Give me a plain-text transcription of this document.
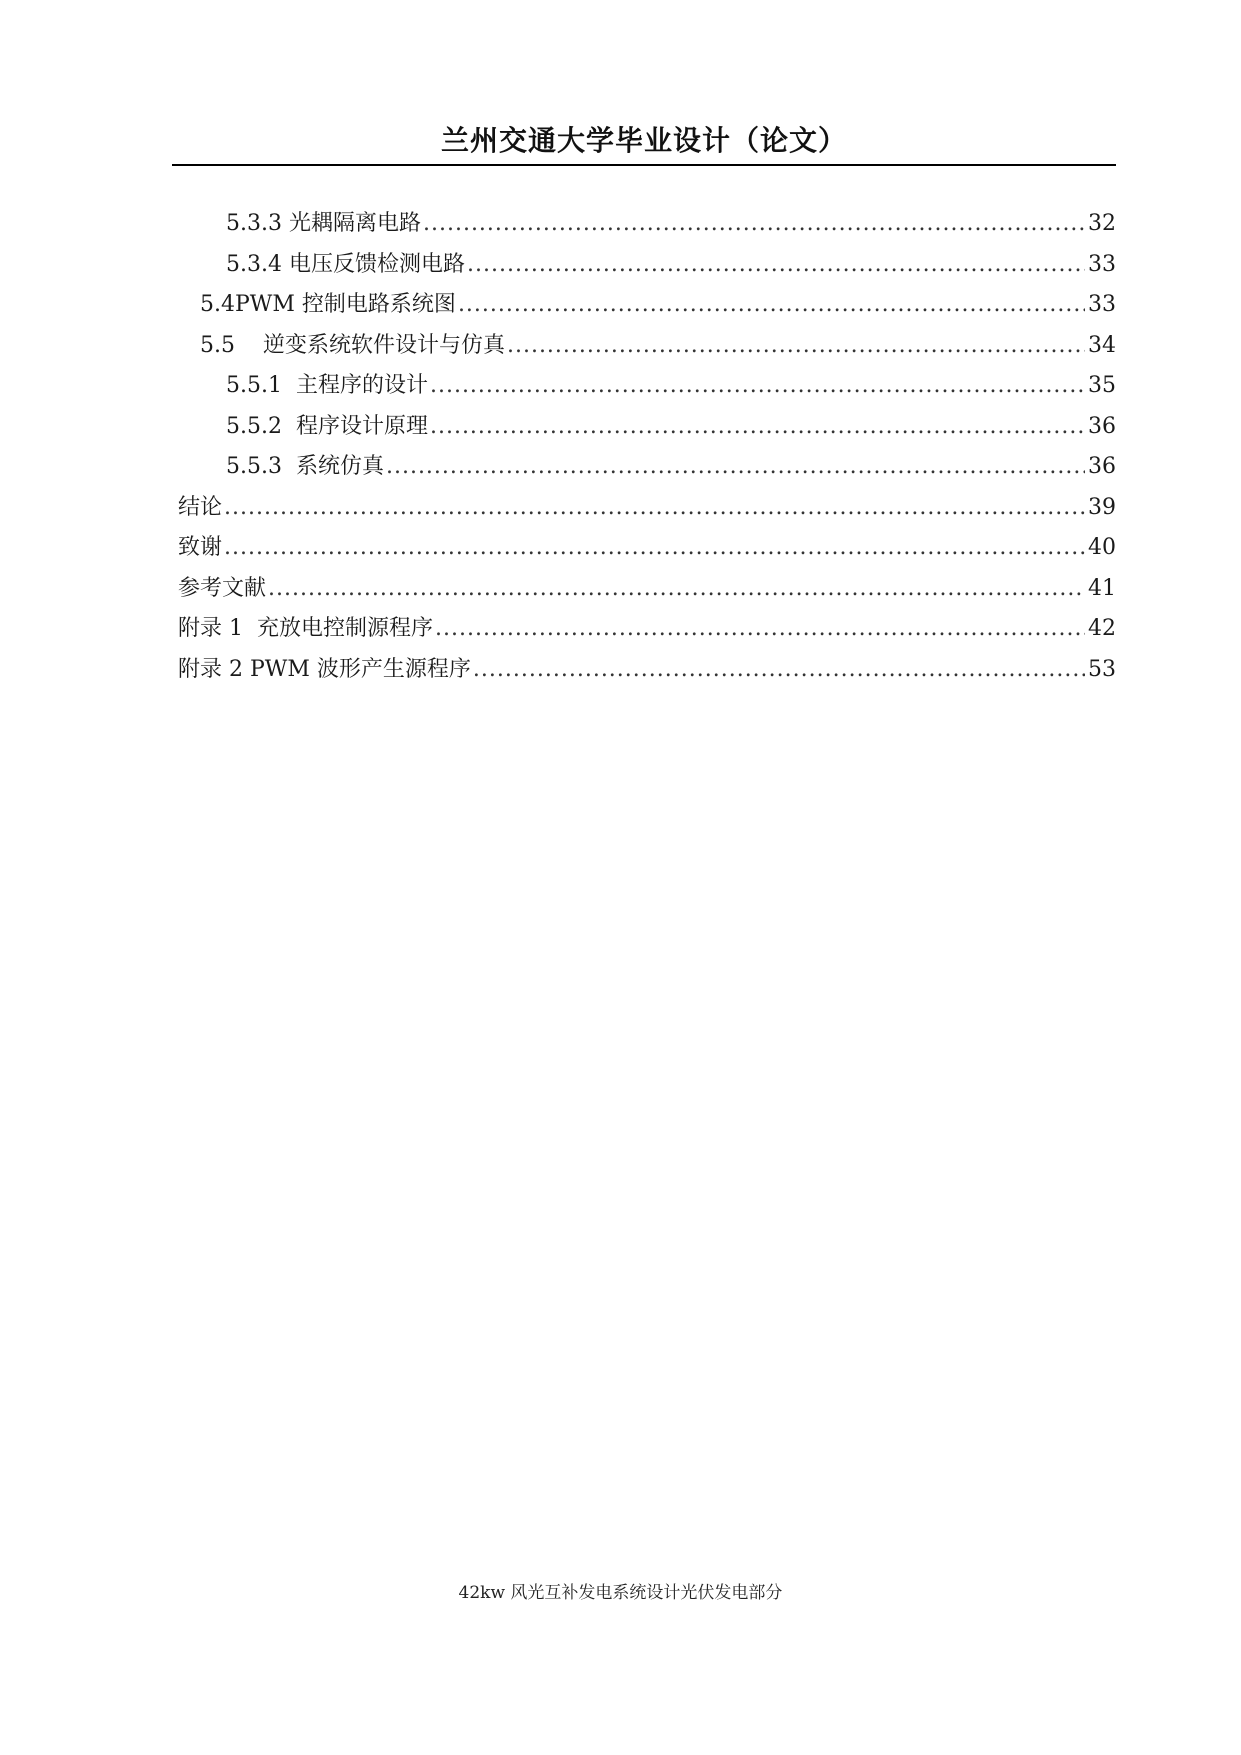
兰州交通大学毕业设计（论文）
5.3.3 光耦隔离电路 .....	32
5.3.4 电压反馈检测电路 .....	33
5.4PWM 控制电路系统图 .....	33
5.5    逆变系统软件设计与仿真 .....	34
5.5.1  主程序的设计 .....	35
5.5.2  程序设计原理 .....	36
5.5.3  系统仿真 .....	36
结论 .....	39
致谢 .....	40
参考文献 .....	41
附录 1  充放电控制源程序 .....	42
附录 2 PWM 波形产生源程序 .....	53
42kw 风光互补发电系统设计光伏发电部分
